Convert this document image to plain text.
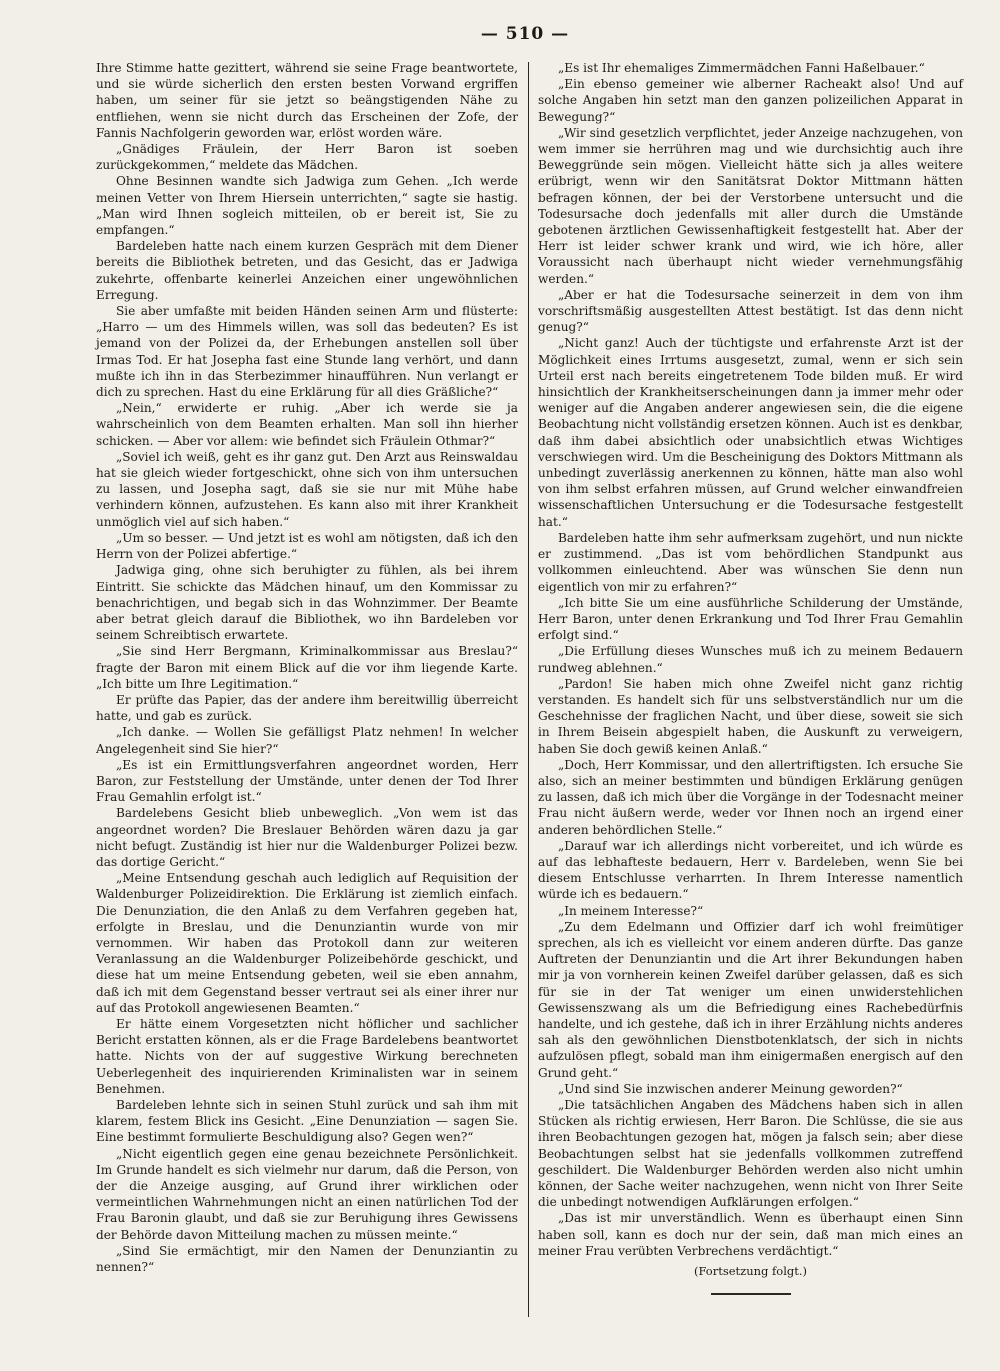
— 510 —

Ihre Stimme hatte gezittert, während sie seine Frage beantwortete, und sie würde sicherlich den ersten besten Vorwand ergriffen haben, um seiner für sie jetzt so beängstigenden Nähe zu entfliehen, wenn sie nicht durch das Erscheinen der Zofe, der Fannis Nachfolgerin geworden war, erlöst worden wäre.

„Gnädiges Fräulein, der Herr Baron ist soeben zurückgekommen,“ meldete das Mädchen.

Ohne Besinnen wandte sich Jadwiga zum Gehen. „Ich werde meinen Vetter von Ihrem Hiersein unterrichten,“ sagte sie hastig. „Man wird Ihnen sogleich mitteilen, ob er bereit ist, Sie zu empfangen.“

Bardeleben hatte nach einem kurzen Gespräch mit dem Diener bereits die Bibliothek betreten, und das Gesicht, das er Jadwiga zukehrte, offenbarte keinerlei Anzeichen einer ungewöhnlichen Erregung.

Sie aber umfaßte mit beiden Händen seinen Arm und flüsterte: „Harro — um des Himmels willen, was soll das bedeuten? Es ist jemand von der Polizei da, der Erhebungen anstellen soll über Irmas Tod. Er hat Josepha fast eine Stunde lang verhört, und dann mußte ich ihn in das Sterbezimmer hinaufführen. Nun verlangt er dich zu sprechen. Hast du eine Erklärung für all dies Gräßliche?“

„Nein,“ erwiderte er ruhig. „Aber ich werde sie ja wahrscheinlich von dem Beamten erhalten. Man soll ihn hierher schicken. — Aber vor allem: wie befindet sich Fräulein Othmar?“

„Soviel ich weiß, geht es ihr ganz gut. Den Arzt aus Reinswaldau hat sie gleich wieder fortgeschickt, ohne sich von ihm untersuchen zu lassen, und Josepha sagt, daß sie sie nur mit Mühe habe verhindern können, aufzustehen. Es kann also mit ihrer Krankheit unmöglich viel auf sich haben.“

„Um so besser. — Und jetzt ist es wohl am nötigsten, daß ich den Herrn von der Polizei abfertige.“

Jadwiga ging, ohne sich beruhigter zu fühlen, als bei ihrem Eintritt. Sie schickte das Mädchen hinauf, um den Kommissar zu benachrichtigen, und begab sich in das Wohnzimmer. Der Beamte aber betrat gleich darauf die Bibliothek, wo ihn Bardeleben vor seinem Schreibtisch erwartete.

„Sie sind Herr Bergmann, Kriminalkommissar aus Breslau?“ fragte der Baron mit einem Blick auf die vor ihm liegende Karte. „Ich bitte um Ihre Legitimation.“

Er prüfte das Papier, das der andere ihm bereitwillig überreicht hatte, und gab es zurück.

„Ich danke. — Wollen Sie gefälligst Platz nehmen! In welcher Angelegenheit sind Sie hier?“

„Es ist ein Ermittlungsverfahren angeordnet worden, Herr Baron, zur Feststellung der Umstände, unter denen der Tod Ihrer Frau Gemahlin erfolgt ist.“

Bardelebens Gesicht blieb unbeweglich. „Von wem ist das angeordnet worden? Die Breslauer Behörden wären dazu ja gar nicht befugt. Zuständig ist hier nur die Waldenburger Polizei bezw. das dortige Gericht.“

„Meine Entsendung geschah auch lediglich auf Requisition der Waldenburger Polizeidirektion. Die Erklärung ist ziemlich einfach. Die Denunziation, die den Anlaß zu dem Verfahren gegeben hat, erfolgte in Breslau, und die Denunziantin wurde von mir vernommen. Wir haben das Protokoll dann zur weiteren Veranlassung an die Waldenburger Polizeibehörde geschickt, und diese hat um meine Entsendung gebeten, weil sie eben annahm, daß ich mit dem Gegenstand besser vertraut sei als einer ihrer nur auf das Protokoll angewiesenen Beamten.“

Er hätte einem Vorgesetzten nicht höflicher und sachlicher Bericht erstatten können, als er die Frage Bardelebens beantwortet hatte. Nichts von der auf suggestive Wirkung berechneten Ueberlegenheit des inquirierenden Kriminalisten war in seinem Benehmen.

Bardeleben lehnte sich in seinen Stuhl zurück und sah ihm mit klarem, festem Blick ins Gesicht. „Eine Denunziation — sagen Sie. Eine bestimmt formulierte Beschuldigung also? Gegen wen?“

„Nicht eigentlich gegen eine genau bezeichnete Persönlichkeit. Im Grunde handelt es sich vielmehr nur darum, daß die Person, von der die Anzeige ausging, auf Grund ihrer wirklichen oder vermeintlichen Wahrnehmungen nicht an einen natürlichen Tod der Frau Baronin glaubt, und daß sie zur Beruhigung ihres Gewissens der Behörde davon Mitteilung machen zu müssen meinte.“

„Sind Sie ermächtigt, mir den Namen der Denunziantin zu nennen?“

„Es ist Ihr ehemaliges Zimmermädchen Fanni Haßelbauer.“

„Ein ebenso gemeiner wie alberner Racheakt also! Und auf solche Angaben hin setzt man den ganzen polizeilichen Apparat in Bewegung?“

„Wir sind gesetzlich verpflichtet, jeder Anzeige nachzugehen, von wem immer sie herrühren mag und wie durchsichtig auch ihre Beweggründe sein mögen. Vielleicht hätte sich ja alles weitere erübrigt, wenn wir den Sanitätsrat Doktor Mittmann hätten befragen können, der bei der Verstorbene untersucht und die Todesursache doch jedenfalls mit aller durch die Umstände gebotenen ärztlichen Gewissenhaftigkeit festgestellt hat. Aber der Herr ist leider schwer krank und wird, wie ich höre, aller Voraussicht nach überhaupt nicht wieder vernehmungsfähig werden.“

„Aber er hat die Todesursache seinerzeit in dem von ihm vorschriftsmäßig ausgestellten Attest bestätigt. Ist das denn nicht genug?“

„Nicht ganz! Auch der tüchtigste und erfahrenste Arzt ist der Möglichkeit eines Irrtums ausgesetzt, zumal, wenn er sich sein Urteil erst nach bereits eingetretenem Tode bilden muß. Er wird hinsichtlich der Krankheitserscheinungen dann ja immer mehr oder weniger auf die Angaben anderer angewiesen sein, die die eigene Beobachtung nicht vollständig ersetzen können. Auch ist es denkbar, daß ihm dabei absichtlich oder unabsichtlich etwas Wichtiges verschwiegen wird. Um die Bescheinigung des Doktors Mittmann als unbedingt zuverlässig anerkennen zu können, hätte man also wohl von ihm selbst erfahren müssen, auf Grund welcher einwandfreien wissenschaftlichen Untersuchung er die Todesursache festgestellt hat.“

Bardeleben hatte ihm sehr aufmerksam zugehört, und nun nickte er zustimmend. „Das ist vom behördlichen Standpunkt aus vollkommen einleuchtend. Aber was wünschen Sie denn nun eigentlich von mir zu erfahren?“

„Ich bitte Sie um eine ausführliche Schilderung der Umstände, Herr Baron, unter denen Erkrankung und Tod Ihrer Frau Gemahlin erfolgt sind.“

„Die Erfüllung dieses Wunsches muß ich zu meinem Bedauern rundweg ablehnen.“

„Pardon! Sie haben mich ohne Zweifel nicht ganz richtig verstanden. Es handelt sich für uns selbstverständlich nur um die Geschehnisse der fraglichen Nacht, und über diese, soweit sie sich in Ihrem Beisein abgespielt haben, die Auskunft zu verweigern, haben Sie doch gewiß keinen Anlaß.“

„Doch, Herr Kommissar, und den allertriftigsten. Ich ersuche Sie also, sich an meiner bestimmten und bündigen Erklärung genügen zu lassen, daß ich mich über die Vorgänge in der Todesnacht meiner Frau nicht äußern werde, weder vor Ihnen noch an irgend einer anderen behördlichen Stelle.“

„Darauf war ich allerdings nicht vorbereitet, und ich würde es auf das lebhafteste bedauern, Herr v. Bardeleben, wenn Sie bei diesem Entschlusse verharrten. In Ihrem Interesse namentlich würde ich es bedauern.“

„In meinem Interesse?“

„Zu dem Edelmann und Offizier darf ich wohl freimütiger sprechen, als ich es vielleicht vor einem anderen dürfte. Das ganze Auftreten der Denunziantin und die Art ihrer Bekundungen haben mir ja von vornherein keinen Zweifel darüber gelassen, daß es sich für sie in der Tat weniger um einen unwiderstehlichen Gewissenszwang als um die Befriedigung eines Rachebedürfnis handelte, und ich gestehe, daß ich in ihrer Erzählung nichts anderes sah als den gewöhnlichen Dienstbotenklatsch, der sich in nichts aufzulösen pflegt, sobald man ihm einigermaßen energisch auf den Grund geht.“

„Und sind Sie inzwischen anderer Meinung geworden?“

„Die tatsächlichen Angaben des Mädchens haben sich in allen Stücken als richtig erwiesen, Herr Baron. Die Schlüsse, die sie aus ihren Beobachtungen gezogen hat, mögen ja falsch sein; aber diese Beobachtungen selbst hat sie jedenfalls vollkommen zutreffend geschildert. Die Waldenburger Behörden werden also nicht umhin können, der Sache weiter nachzugehen, wenn nicht von Ihrer Seite die unbedingt notwendigen Aufklärungen erfolgen.“

„Das ist mir unverständlich. Wenn es überhaupt einen Sinn haben soll, kann es doch nur der sein, daß man mich eines an meiner Frau verübten Verbrechens verdächtigt.“

(Fortsetzung folgt.)
